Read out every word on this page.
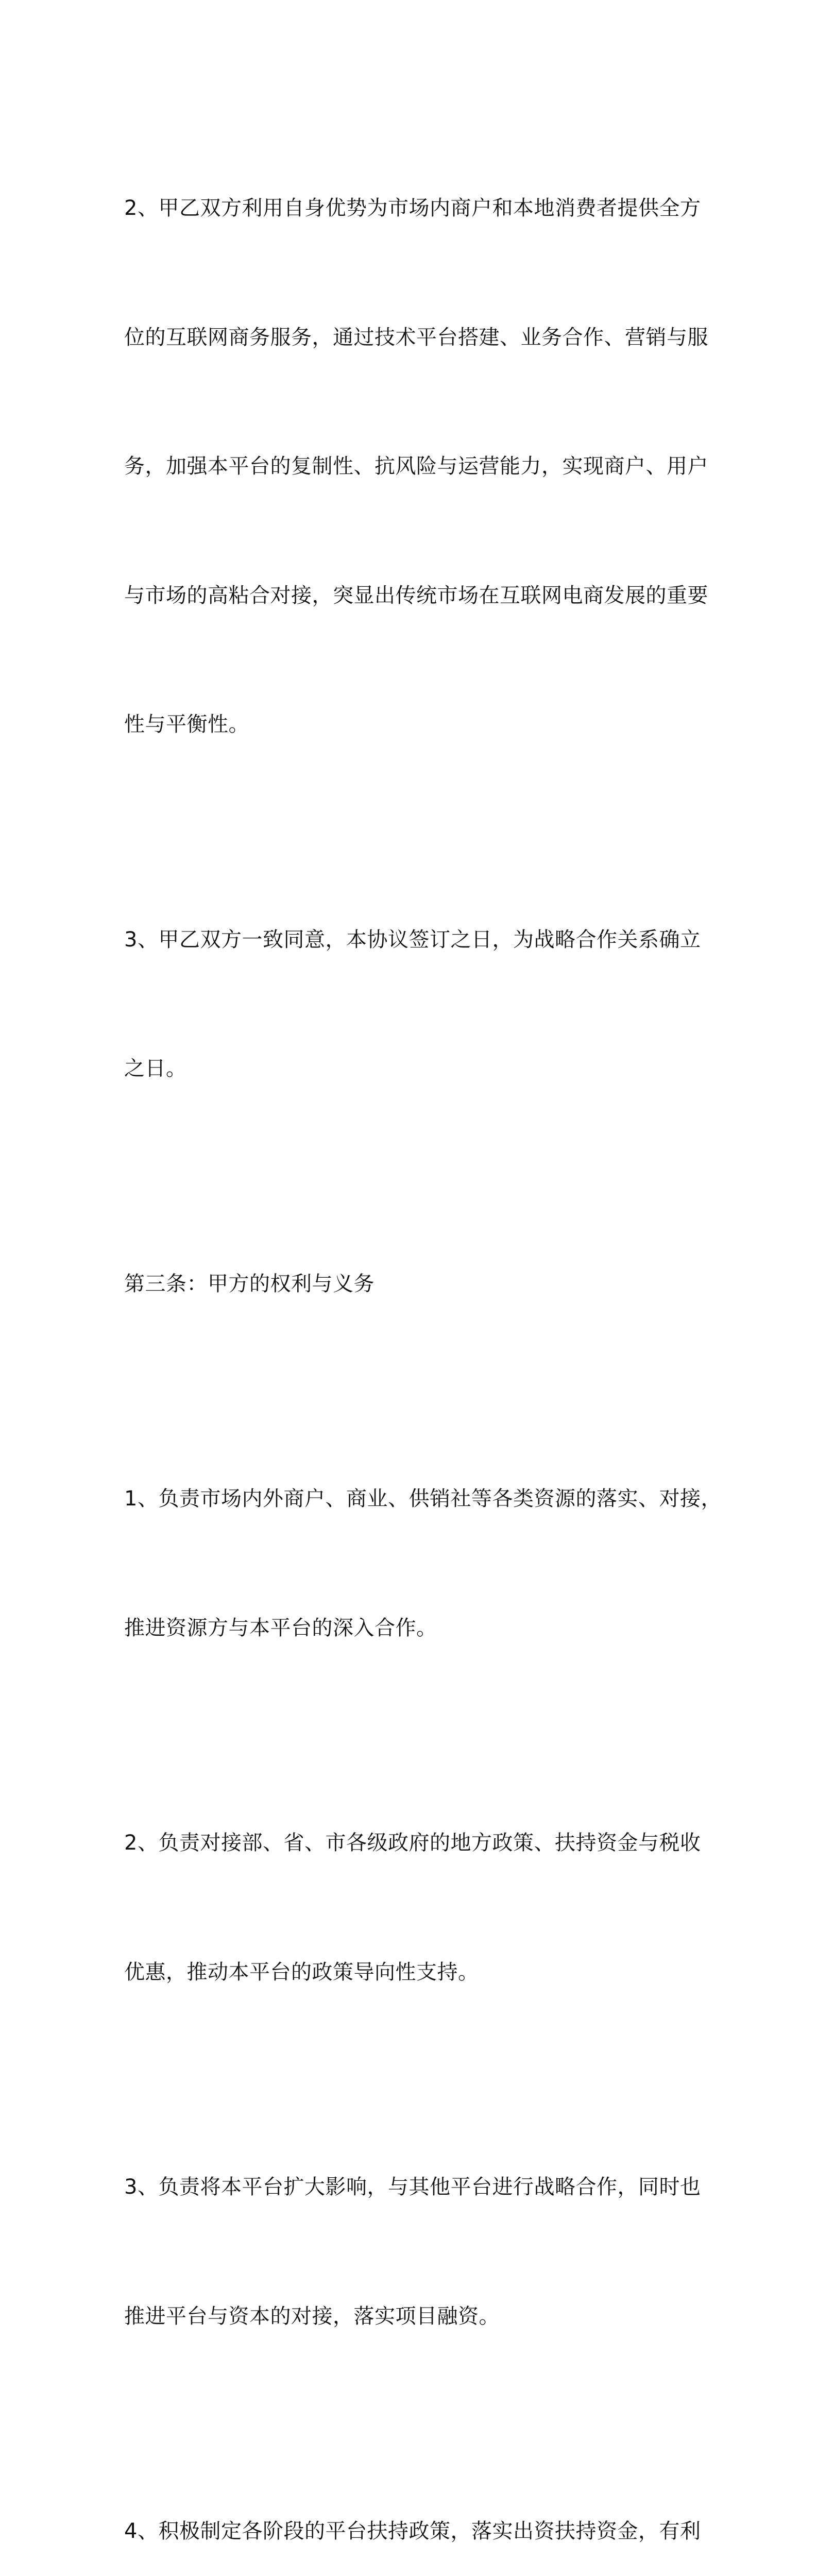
2、甲乙双方利用自身优势为市场内商户和本地消费者提供全方

位的互联网商务服务，通过技术平台搭建、业务合作、营销与服

务，加强本平台的复制性、抗风险与运营能力，实现商户、用户

与市场的高粘合对接，突显出传统市场在互联网电商发展的重要

性与平衡性。

3、甲乙双方一致同意，本协议签订之日，为战略合作关系确立

之日。

第三条：甲方的权利与义务

1、负责市场内外商户、商业、供销社等各类资源的落实、对接，

推进资源方与本平台的深入合作。

2、负责对接部、省、市各级政府的地方政策、扶持资金与税收

优惠，推动本平台的政策导向性支持。

3、负责将本平台扩大影响，与其他平台进行战略合作，同时也

推进平台与资本的对接，落实项目融资。

4、积极制定各阶段的平台扶持政策，落实出资扶持资金，有利
